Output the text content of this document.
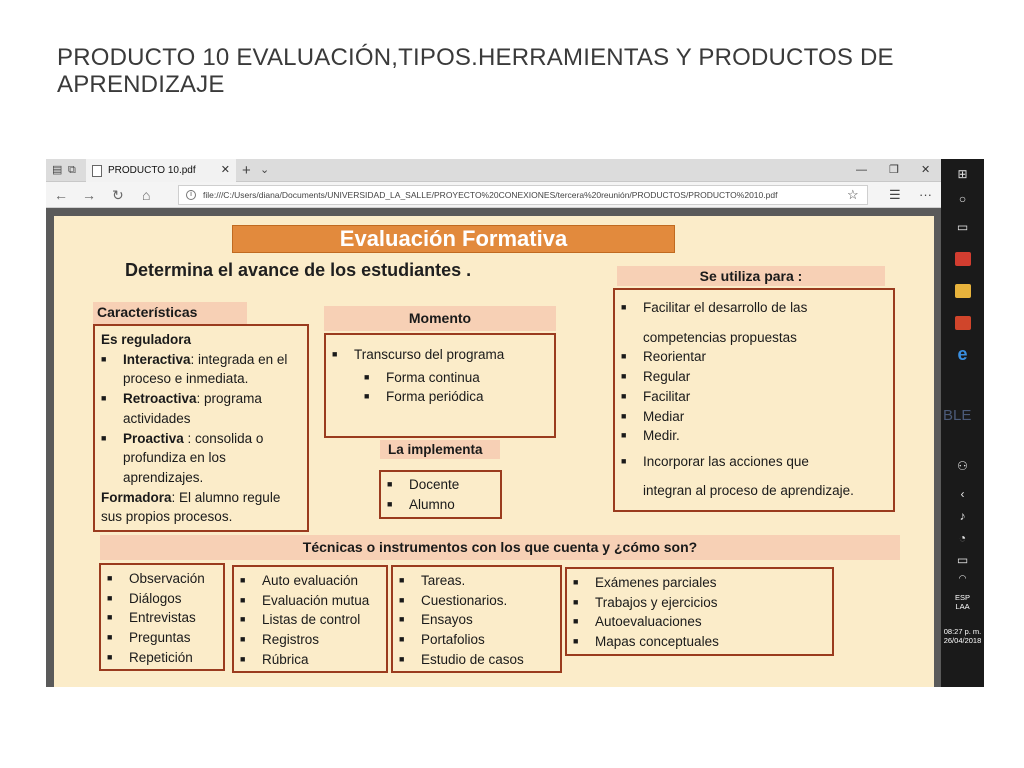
PRODUCTO 10 EVALUACIÓN,TIPOS.HERRAMIENTAS Y PRODUCTOS DE
APRENDIZAJE
▤ ⧉	PRODUCTO 10.pdf ✕ + ⌄	— ❐ ✕
← → ↻ ⌂	i	file:///C:/Users/diana/Documents/UNIVERSIDAD_LA_SALLE/PROYECTO%20CONEXIONES/tercera%20reunión/PRODUCTOS/PRODUCTO%2010.pdf	☆ ☰ ···
⊞
○
▭
e
⚇
‹
♪
◔
▭
◠
ESP
LAA
08:27 p. m.
26/04/2018
BLE
Evaluación Formativa
Determina el avance de los estudiantes .
Características
Es reguladora
■	Interactiva: integrada en el
proceso e inmediata.
■	Retroactiva: programa
actividades
■	Proactiva : consolida o
profundiza en los
aprendizajes.
Formadora: El alumno regule
sus propios procesos.
Momento
■	Transcurso del programa
■	Forma continua
■	Forma periódica
La implementa
■	Docente
■	Alumno
Se utiliza para :
■	Facilitar el desarrollo de las
competencias propuestas
■	Reorientar
■	Regular
■	Facilitar
■	Mediar
■	Medir.
■	Incorporar las acciones que
integran al proceso de aprendizaje.
Técnicas o instrumentos con los que cuenta y ¿cómo son?
■	Observación
■	Diálogos
■	Entrevistas
■	Preguntas
■	Repetición
■	Auto evaluación
■	Evaluación mutua
■	Listas de control
■	Registros
■	Rúbrica
■	Tareas.
■	Cuestionarios.
■	Ensayos
■	Portafolios
■	Estudio de casos
■	Exámenes parciales
■	Trabajos y ejercicios
■	Autoevaluaciones
■	Mapas conceptuales
